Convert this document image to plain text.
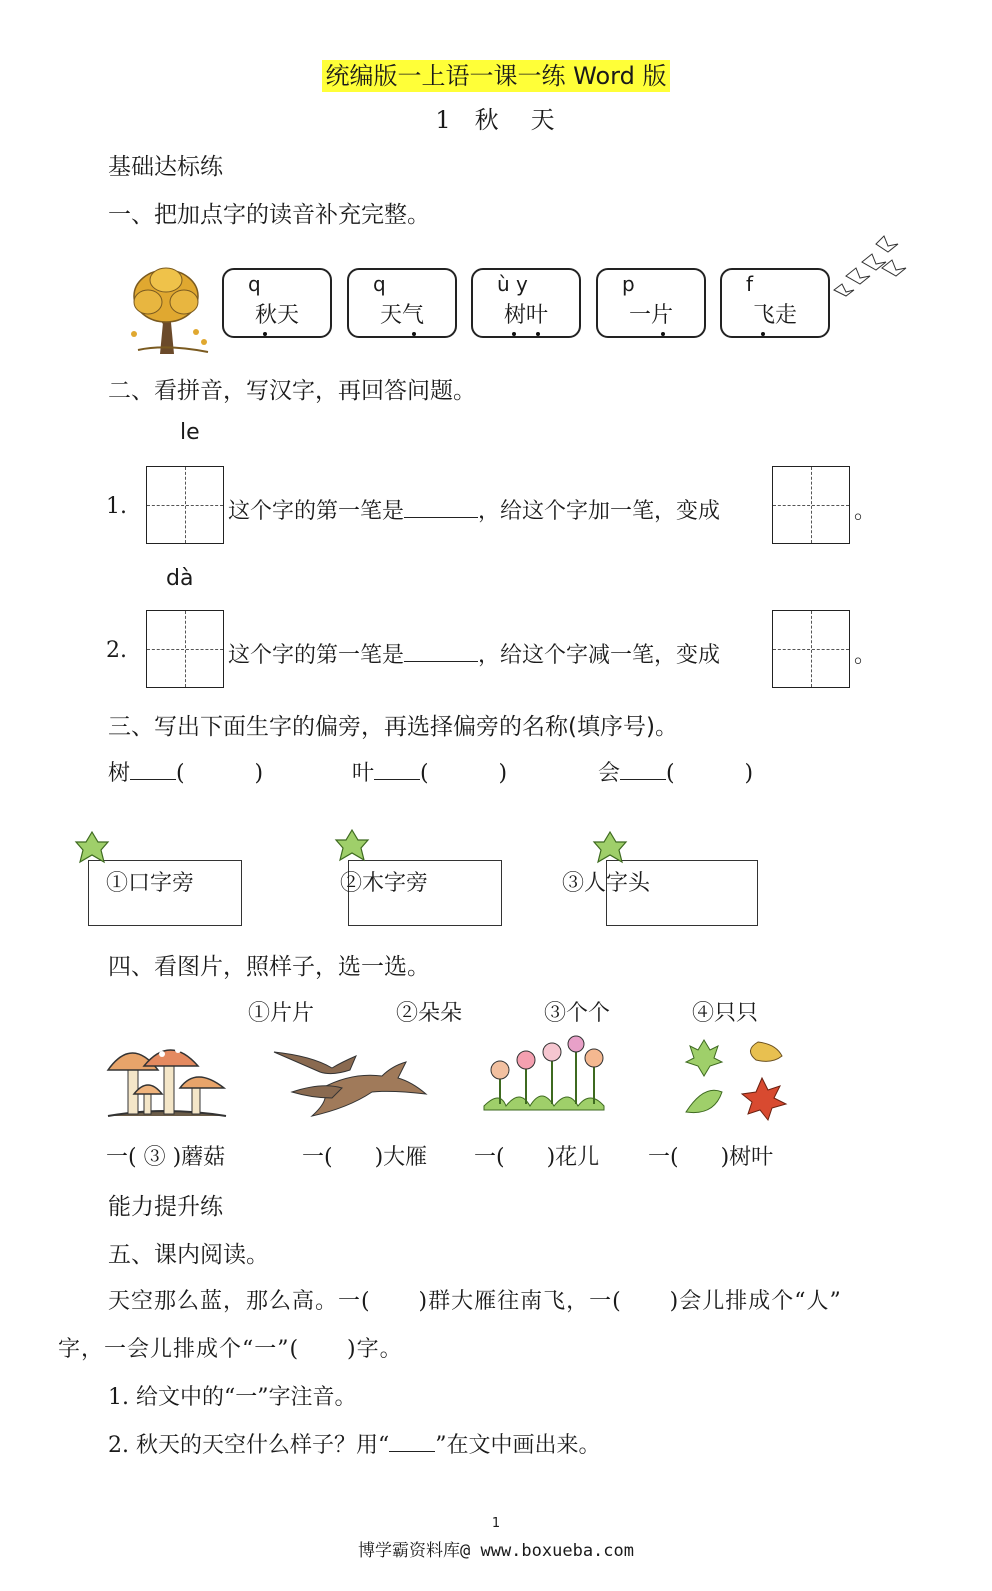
统编版一上语一课一练 Word 版
1 秋 天
基础达标练
一、把加点字的读音补充完整。
q
秋天
q
天气
ù y
树叶
p
一片
f
飞走
二、看拼音，写汉字，再回答问题。
le
1.	这个字的第一笔是	，给这个字加一笔，变成	。
dà
2.	这个字的第一笔是	，给这个字减一笔，变成	。
三、写出下面生字的偏旁，再选择偏旁的名称(填序号)。
树 (          )	叶 (          )	会 (          )
①口字旁	②木字旁	③人字头
四、看图片，照样子，选一选。
①片片	②朵朵	③个个	④只只
一( ③ )蘑菇	一( )大雁 一( )花儿 一( )树叶
能力提升练
五、课内阅读。
天空那么蓝，那么高。一(      )群大雁往南飞，一(      )会儿排成个“人”
字，一会儿排成个“一”(      )字。
1. 给文中的“一”字注音。
2. 秋天的天空什么样子？用“ ”在文中画出来。
1
博学霸资料库@ www.boxueba.com
